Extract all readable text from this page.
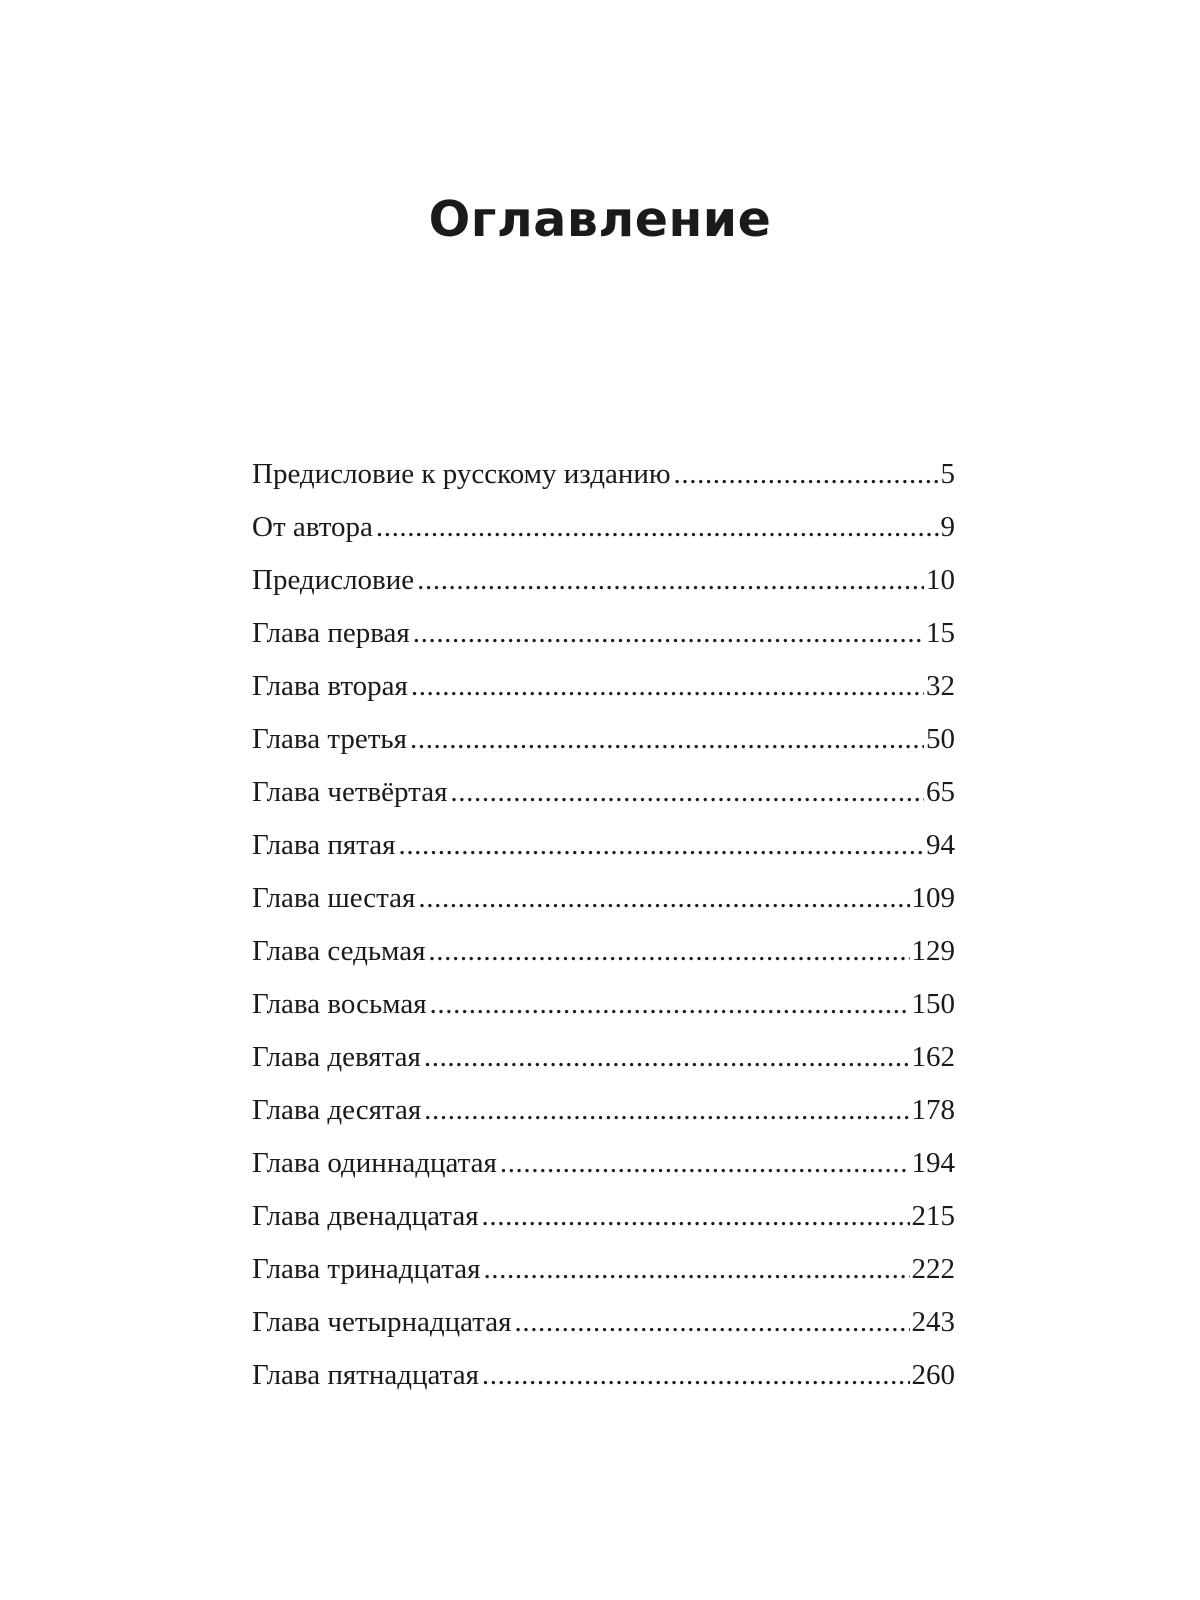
Оглавление
Предисловие к русскому изданию .....	5
От автора .....	9
Предисловие .....	10
Глава первая .....	15
Глава вторая .....	32
Глава третья .....	50
Глава четвёртая .....	65
Глава пятая .....	94
Глава шестая .....	109
Глава седьмая .....	129
Глава восьмая .....	150
Глава девятая .....	162
Глава десятая .....	178
Глава одиннадцатая .....	194
Глава двенадцатая .....	215
Глава тринадцатая .....	222
Глава четырнадцатая .....	243
Глава пятнадцатая .....	260
